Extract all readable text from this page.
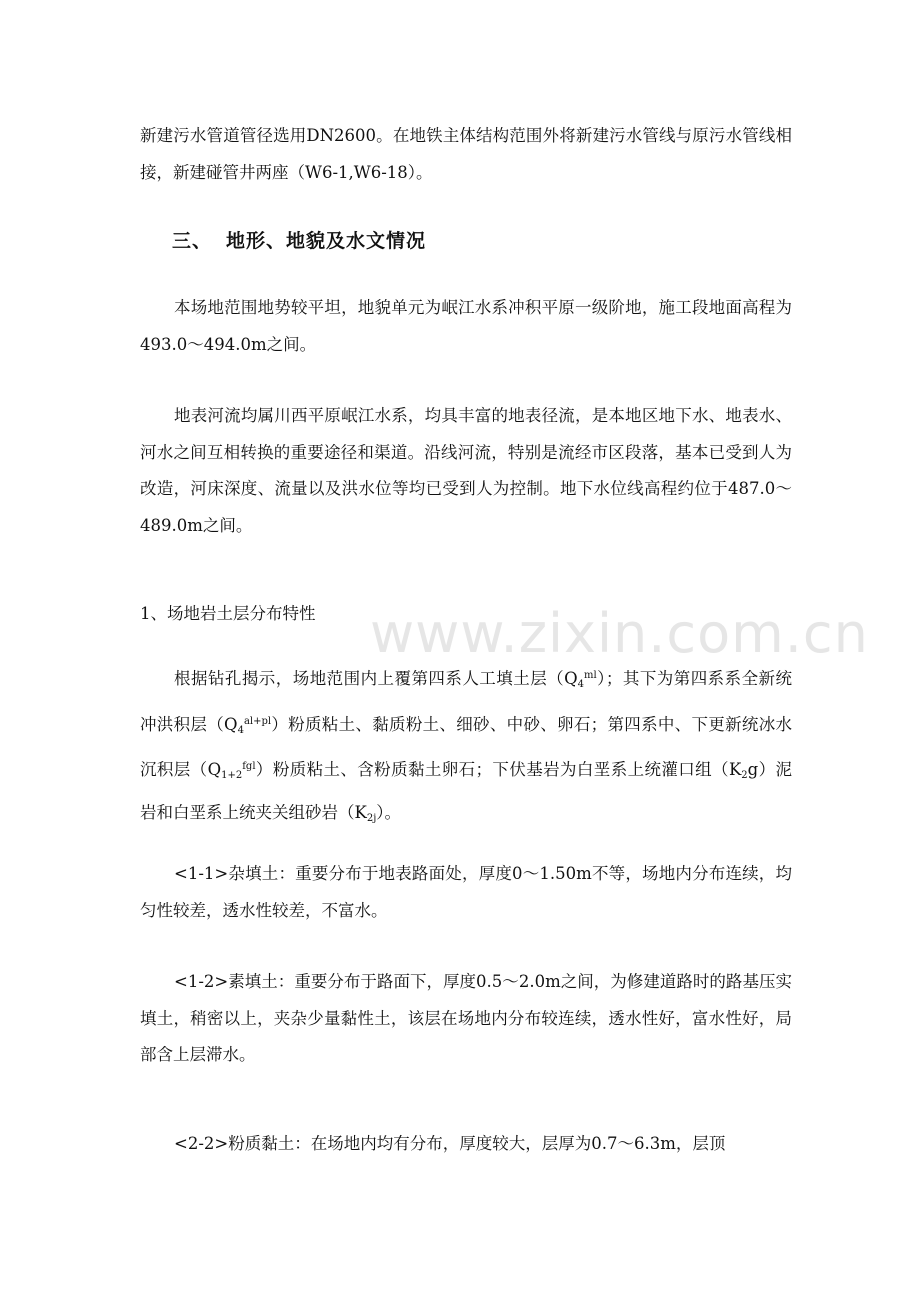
www.zixin.com.cn

新建污水管道管径选用DN2600。在地铁主体结构范围外将新建污水管线与原污水管线相接，新建碰管井两座（W6-1,W6-18）。

三、 地形、地貌及水文情况

本场地范围地势较平坦，地貌单元为岷江水系冲积平原一级阶地，施工段地面高程为493.0～494.0m之间。

地表河流均属川西平原岷江水系，均具丰富的地表径流，是本地区地下水、地表水、河水之间互相转换的重要途径和渠道。沿线河流，特别是流经市区段落，基本已受到人为改造，河床深度、流量以及洪水位等均已受到人为控制。地下水位线高程约位于487.0～489.0m之间。

1、场地岩土层分布特性

根据钻孔揭示，场地范围内上覆第四系人工填土层$(Q_4^{ml})$；其下为第四系系全新统冲洪积层$(Q_4^{al+pl})$粉质粘土、黏质粉土、细砂、中砂、卵石；第四系中、下更新统冰水沉积层$(Q_{1+2}^{fgl})$粉质粘土、含粉质黏土卵石；下伏基岩为白垩系上统灌口组$(K_2g)$泥岩和白垩系上统夹关组砂岩$(K_{2j})$。

<1-1>杂填土：重要分布于地表路面处，厚度0～1.50m不等，场地内分布连续，均匀性较差，透水性较差，不富水。

<1-2>素填土：重要分布于路面下，厚度0.5～2.0m之间，为修建道路时的路基压实填土，稍密以上，夹杂少量黏性土，该层在场地内分布较连续，透水性好，富水性好，局部含上层滞水。

<2-2>粉质黏土：在场地内均有分布，厚度较大，层厚为0.7～6.3m，层顶
